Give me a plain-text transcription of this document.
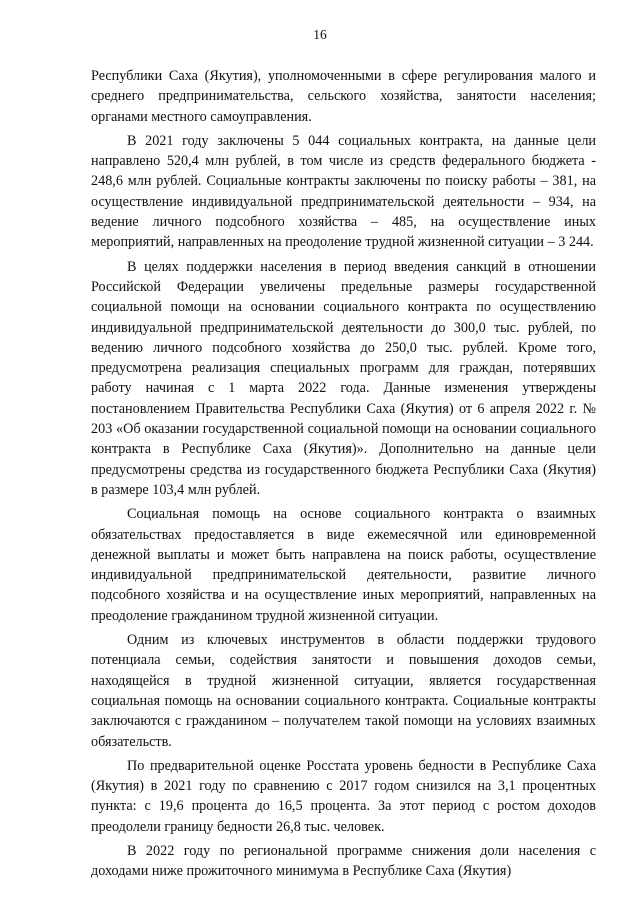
16

Республики Саха (Якутия), уполномоченными в сфере регулирования малого и среднего предпринимательства, сельского хозяйства, занятости населения; органами местного самоуправления.

В 2021 году заключены 5 044 социальных контракта, на данные цели направлено 520,4 млн рублей, в том числе из средств федерального бюджета - 248,6 млн рублей. Социальные контракты заключены по поиску работы – 381, на осуществление индивидуальной предпринимательской деятельности – 934, на ведение личного подсобного хозяйства – 485, на осуществление иных мероприятий, направленных на преодоление трудной жизненной ситуации – 3 244.

В целях поддержки населения в период введения санкций в отношении Российской Федерации увеличены предельные размеры государственной социальной помощи на основании социального контракта по осуществлению индивидуальной предпринимательской деятельности до 300,0 тыс. рублей, по ведению личного подсобного хозяйства до 250,0 тыс. рублей. Кроме того, предусмотрена реализация специальных программ для граждан, потерявших работу начиная с 1 марта 2022 года. Данные изменения утверждены постановлением Правительства Республики Саха (Якутия) от 6 апреля 2022 г. № 203 «Об оказании государственной социальной помощи на основании социального контракта в Республике Саха (Якутия)». Дополнительно на данные цели предусмотрены средства из государственного бюджета Республики Саха (Якутия) в размере 103,4 млн рублей.

Социальная помощь на основе социального контракта о взаимных обязательствах предоставляется в виде ежемесячной или единовременной денежной выплаты и может быть направлена на поиск работы, осуществление индивидуальной предпринимательской деятельности, развитие личного подсобного хозяйства и на осуществление иных мероприятий, направленных на преодоление гражданином трудной жизненной ситуации.

Одним из ключевых инструментов в области поддержки трудового потенциала семьи, содействия занятости и повышения доходов семьи, находящейся в трудной жизненной ситуации, является государственная социальная помощь на основании социального контракта. Социальные контракты заключаются с гражданином – получателем такой помощи на условиях взаимных обязательств.

По предварительной оценке Росстата уровень бедности в Республике Саха (Якутия) в 2021 году по сравнению с 2017 годом снизился на 3,1 процентных пункта: с 19,6 процента до 16,5 процента. За этот период с ростом доходов преодолели границу бедности 26,8 тыс. человек.

В 2022 году по региональной программе снижения доли населения с доходами ниже прожиточного минимума в Республике Саха (Якутия)
